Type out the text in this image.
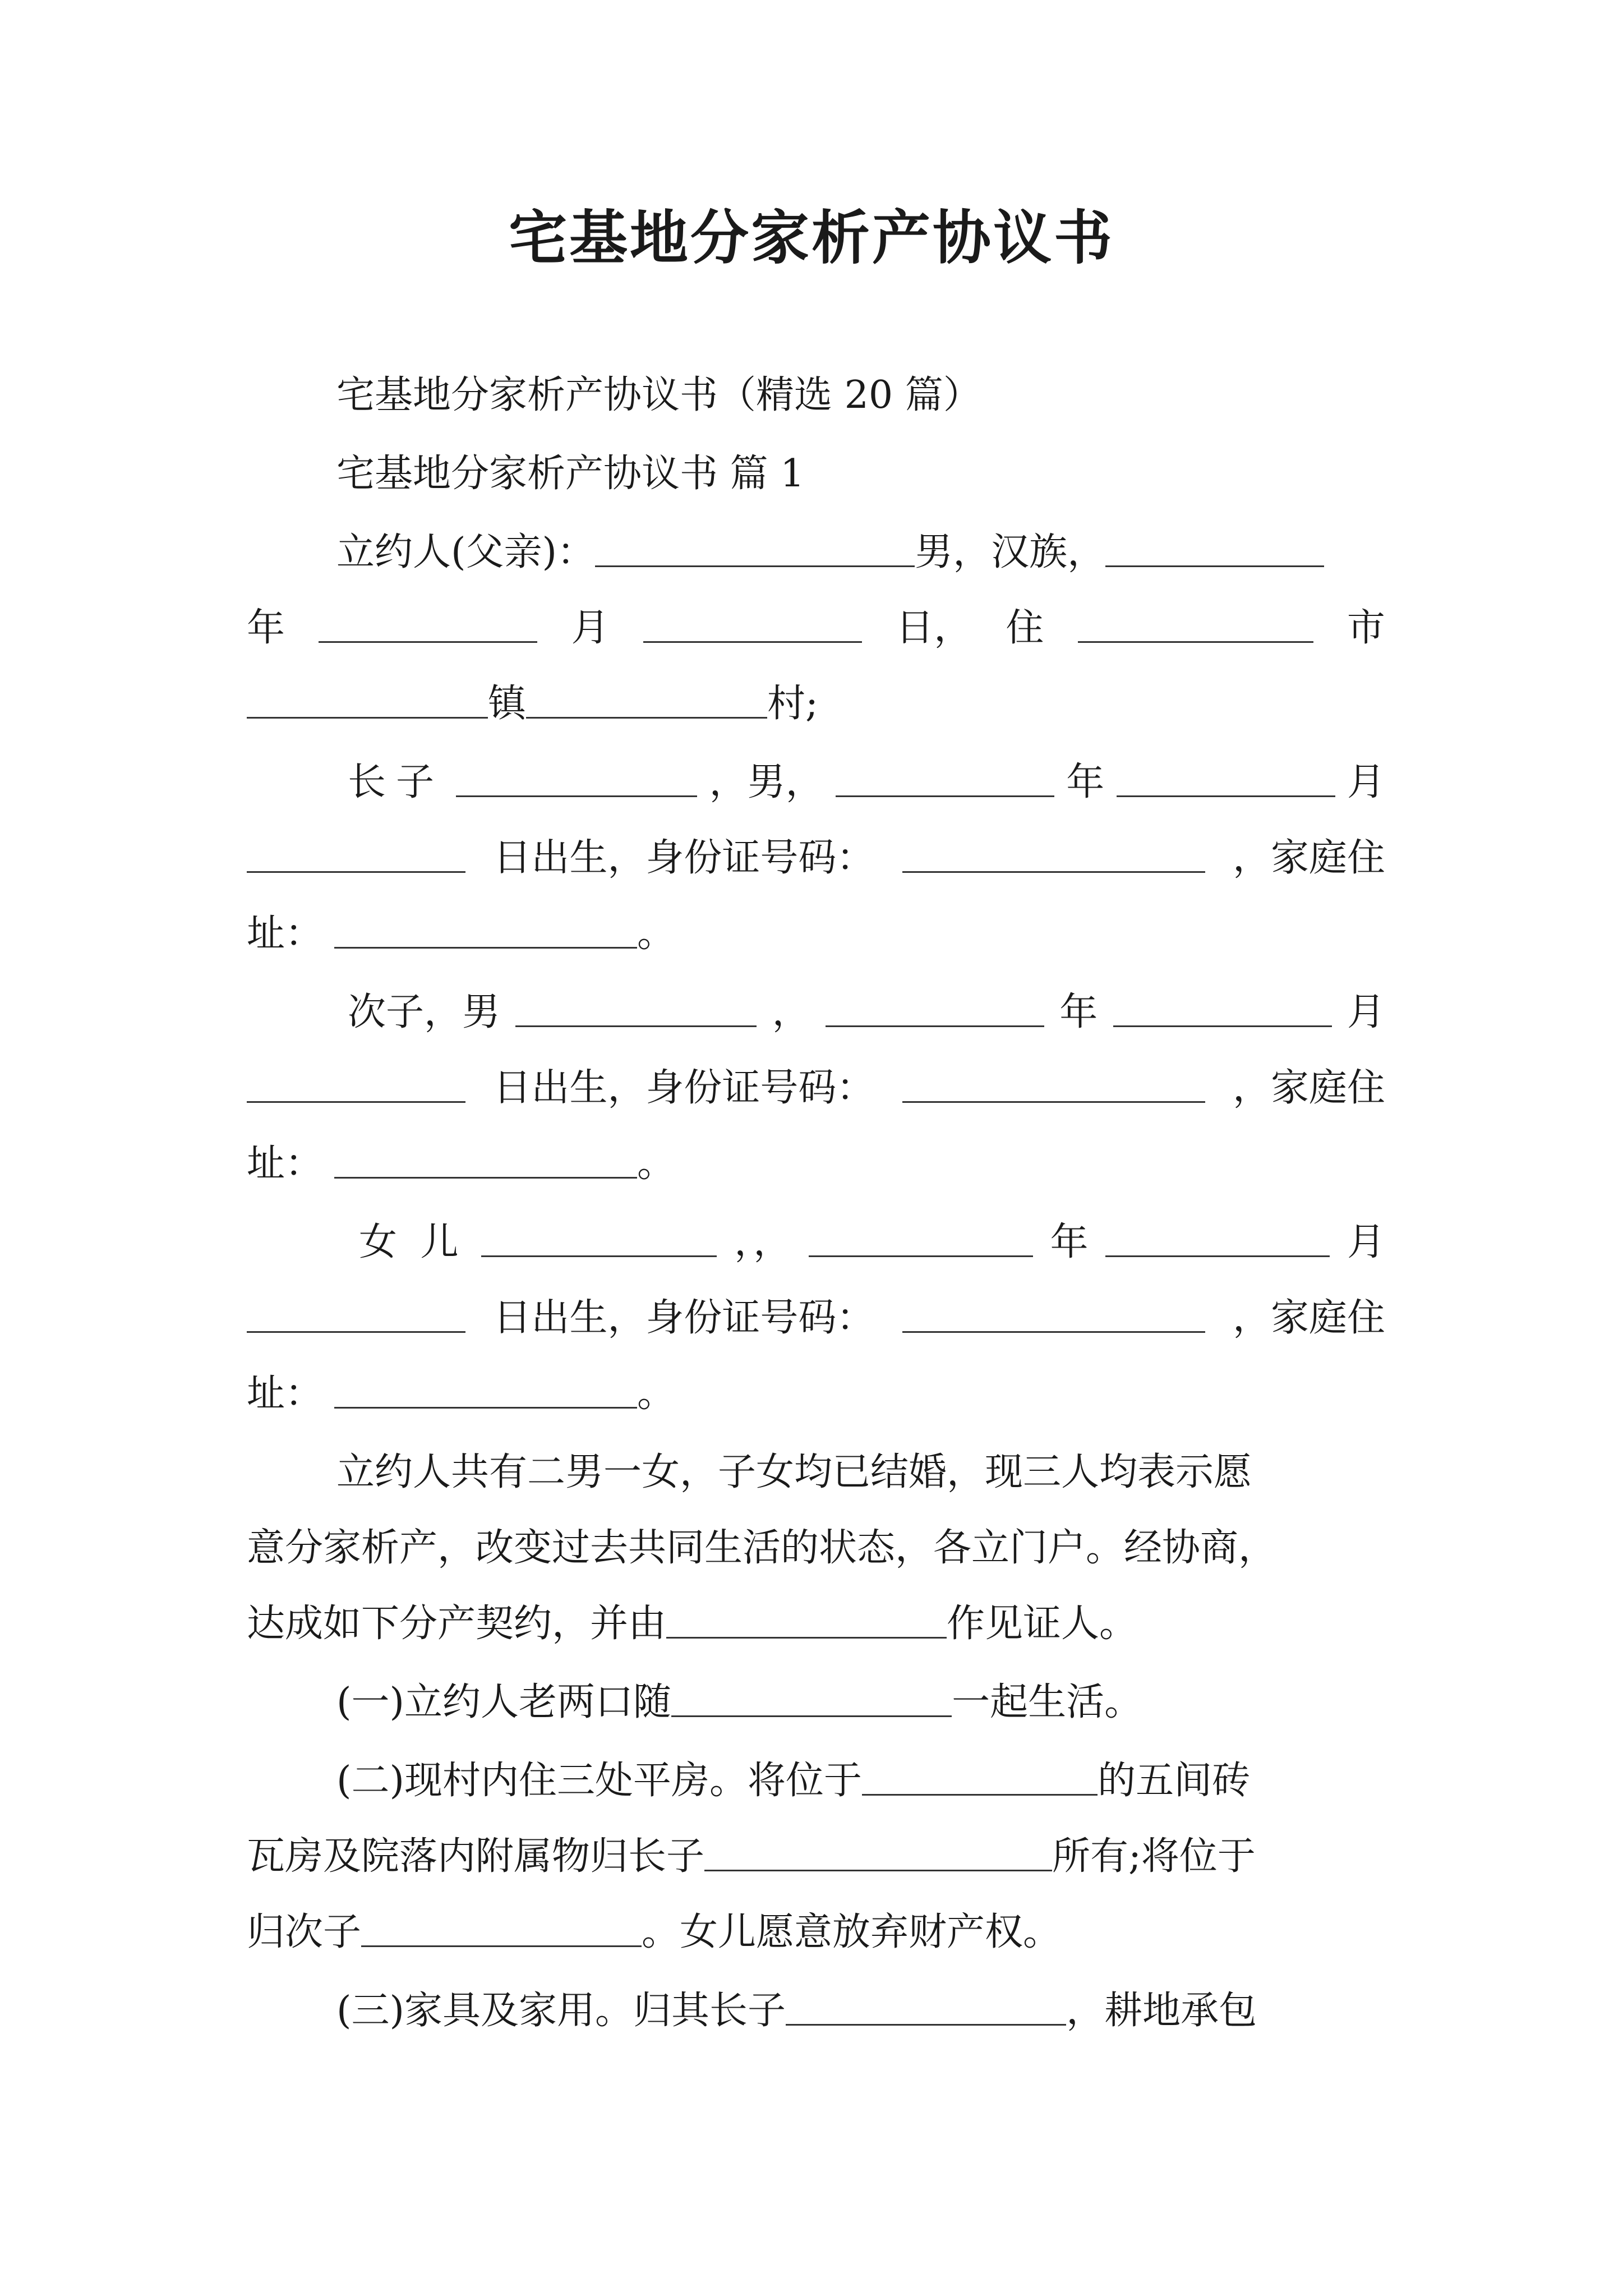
宅基地分家析产协议书
宅基地分家析产协议书（精选 20 篇）
宅基地分家析产协议书 篇 1
立约人(父亲)：	男，汉族，
年	月	日， 住	市
镇	村;
长子	，男，	年	月
日出生，身份证号码：	，家庭住
址：	。
次子，男	，	年	月
日出生，身份证号码：	，家庭住
址：	。
女 儿	，，	年	月
日出生，身份证号码：	，家庭住
址：	。
立约人共有二男一女，子女均已结婚，现三人均表示愿
意分家析产，改变过去共同生活的状态，各立门户。经协商，
达成如下分产契约，并由	作见证人。
(一)立约人老两口随	一起生活。
(二)现村内住三处平房。将位于	的五间砖
瓦房及院落内附属物归长子	所有;将位于
归次子	。女儿愿意放弃财产权。
(三)家具及家用。归其长子	，耕地承包
